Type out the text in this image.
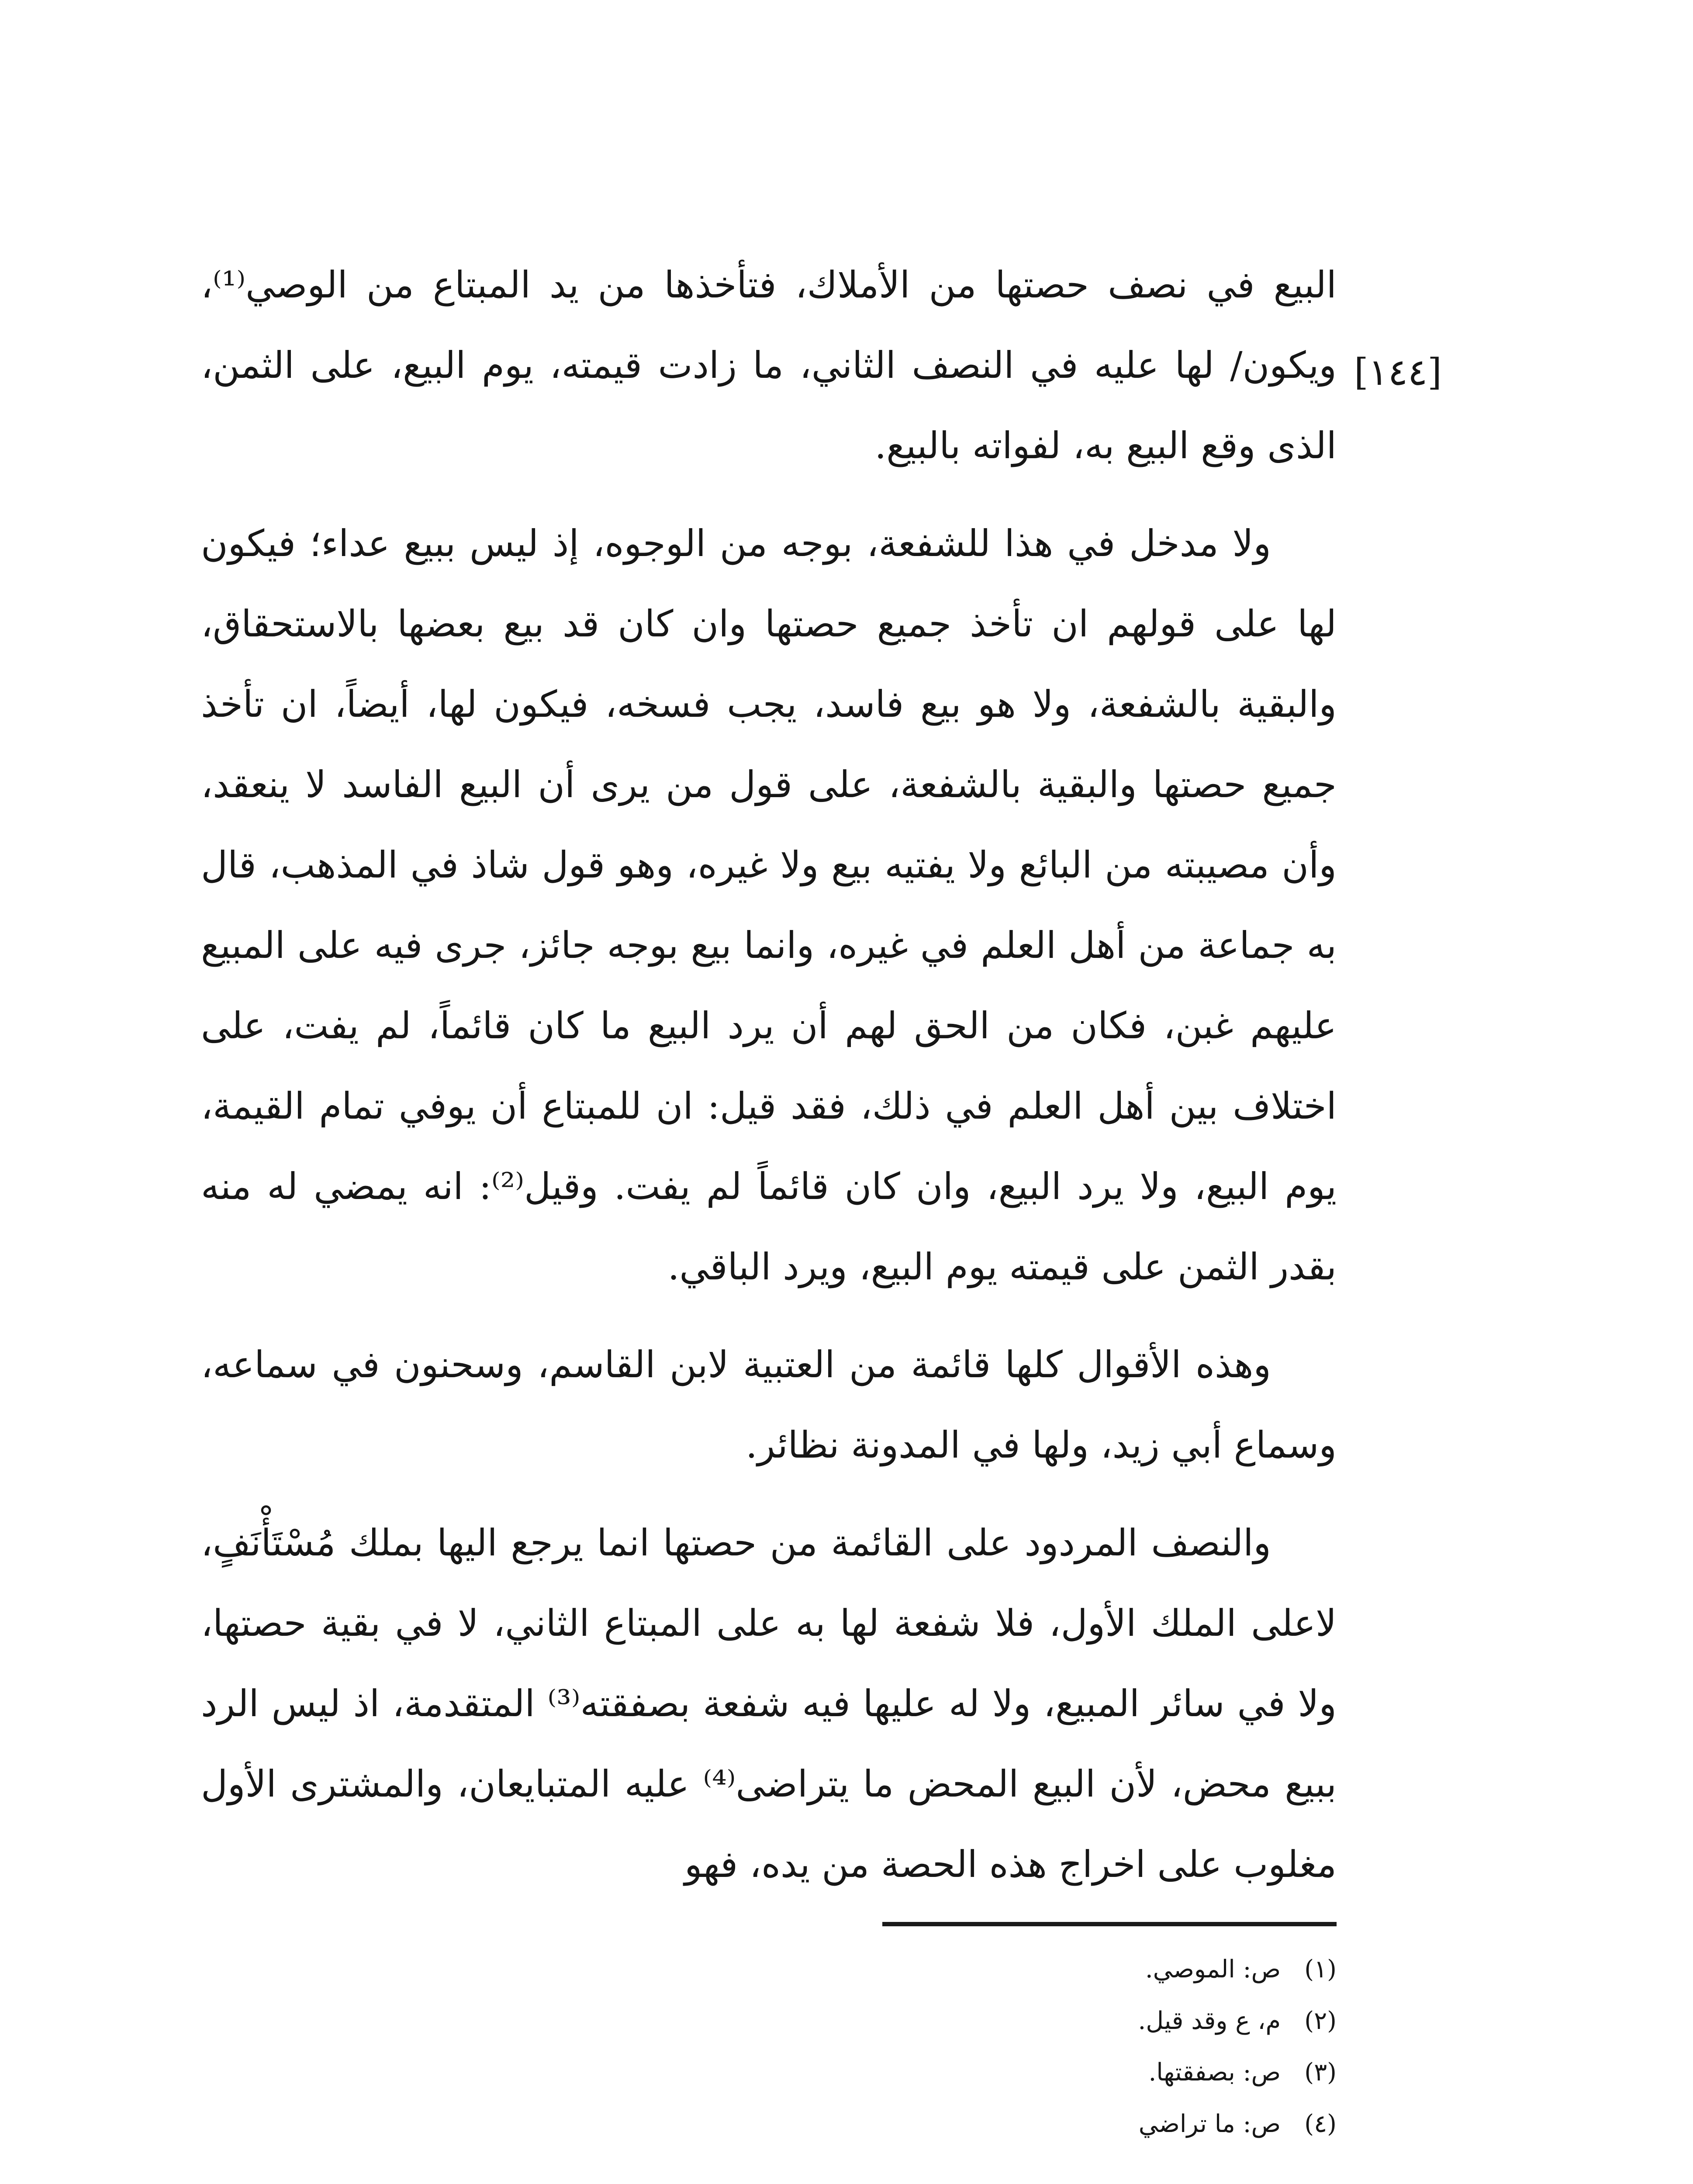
[١٤٤]

البيع في نصف حصتها من الأملاك، فتأخذها من يد المبتاع من الوصي⁽¹⁾، ويكون/ لها عليه في النصف الثاني، ما زادت قيمته، يوم البيع، على الثمن، الذى وقع البيع به، لفواته بالبيع.

ولا مدخل في هذا للشفعة، بوجه من الوجوه، إذ ليس ببيع عداء؛ فيكون لها على قولهم ان تأخذ جميع حصتها وان كان قد بيع بعضها بالاستحقاق، والبقية بالشفعة، ولا هو بيع فاسد، يجب فسخه، فيكون لها، أيضاً، ان تأخذ جميع حصتها والبقية بالشفعة، على قول من يرى أن البيع الفاسد لا ينعقد، وأن مصيبته من البائع ولا يفتيه بيع ولا غيره، وهو قول شاذ في المذهب، قال به جماعة من أهل العلم في غيره، وانما بيع بوجه جائز، جرى فيه على المبيع عليهم غبن، فكان من الحق لهم أن يرد البيع ما كان قائماً، لم يفت، على اختلاف بين أهل العلم في ذلك، فقد قيل: ان للمبتاع أن يوفي تمام القيمة، يوم البيع، ولا يرد البيع، وان كان قائماً لم يفت. وقيل⁽²⁾: انه يمضي له منه بقدر الثمن على قيمته يوم البيع، ويرد الباقي.

وهذه الأقوال كلها قائمة من العتبية لابن القاسم، وسحنون في سماعه، وسماع أبي زيد، ولها في المدونة نظائر.

والنصف المردود على القائمة من حصتها انما يرجع اليها بملك مُسْتَأْنَفٍ، لاعلى الملك الأول، فلا شفعة لها به على المبتاع الثاني، لا في بقية حصتها، ولا في سائر المبيع، ولا له عليها فيه شفعة بصفقته⁽³⁾ المتقدمة، اذ ليس الرد ببيع محض، لأن البيع المحض ما يتراضى⁽⁴⁾ عليه المتبايعان، والمشترى الأول مغلوب على اخراج هذه الحصة من يده، فهو

(١) ص: الموصي.
(٢) م، ع وقد قيل.
(٣) ص: بصفقتها.
(٤) ص: ما تراضي
